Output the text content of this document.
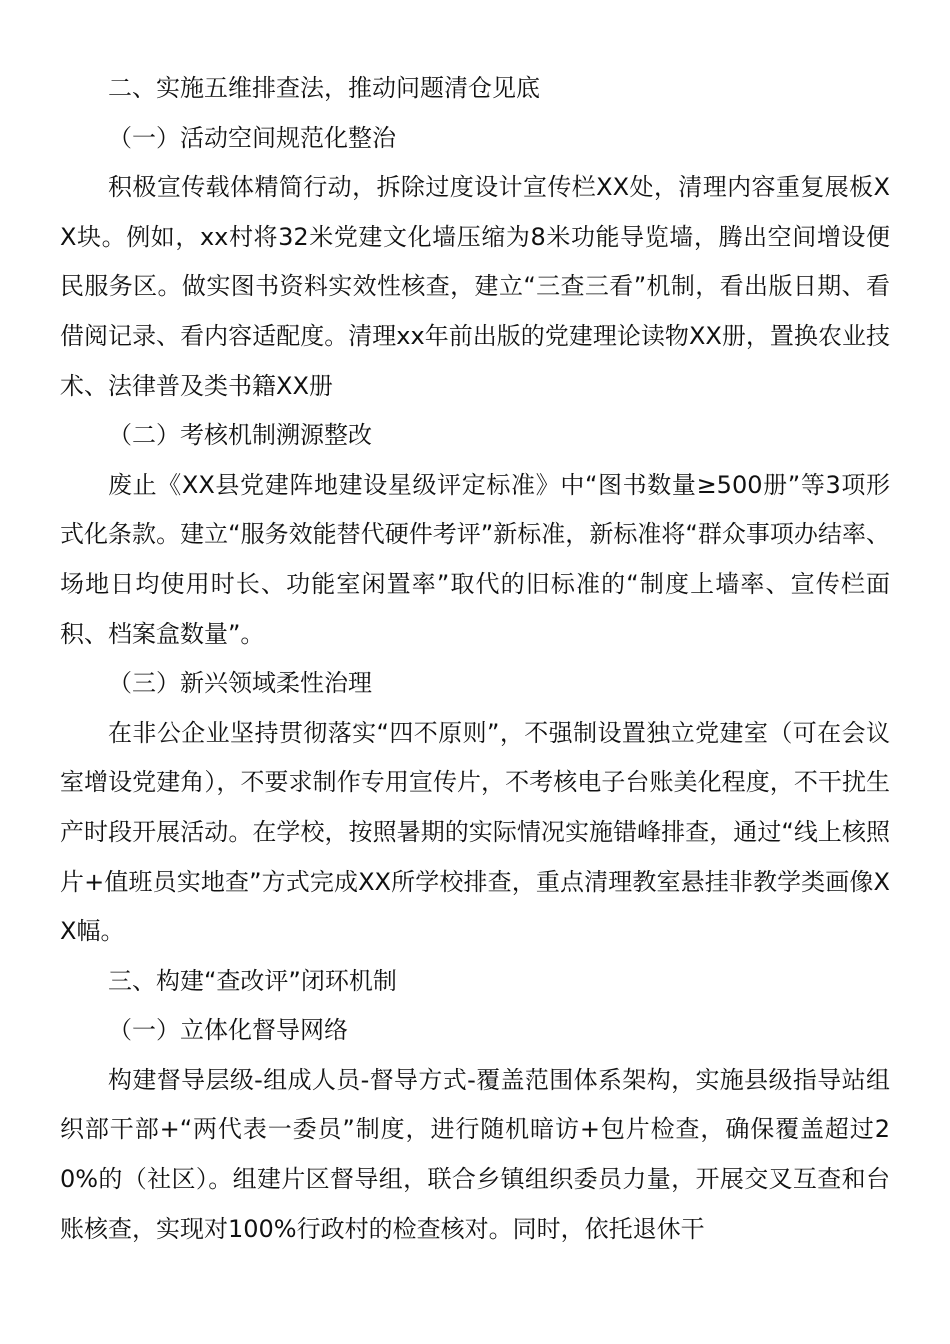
二、实施五维排查法，推动问题清仓见底

（一）活动空间规范化整治

积极宣传载体精简行动，拆除过度设计宣传栏XX处，清理内容重复展板XX块。例如，xx村将32米党建文化墙压缩为8米功能导览墙，腾出空间增设便民服务区。做实图书资料实效性核查，建立“三查三看”机制，看出版日期、看借阅记录、看内容适配度。清理xx年前出版的党建理论读物XX册，置换农业技术、法律普及类书籍XX册

（二）考核机制溯源整改

废止《XX县党建阵地建设星级评定标准》中“图书数量≥500册”等3项形式化条款。建立“服务效能替代硬件考评”新标准，新标准将“群众事项办结率、场地日均使用时长、功能室闲置率”取代的旧标准的“制度上墙率、宣传栏面积、档案盒数量”。

（三）新兴领域柔性治理

在非公企业坚持贯彻落实“四不原则”，不强制设置独立党建室（可在会议室增设党建角），不要求制作专用宣传片，不考核电子台账美化程度，不干扰生产时段开展活动。在学校，按照暑期的实际情况实施错峰排查，通过“线上核照片+值班员实地查”方式完成XX所学校排查，重点清理教室悬挂非教学类画像XX幅。

三、构建“查改评”闭环机制

（一）立体化督导网络

构建督导层级-组成人员-督导方式-覆盖范围体系架构，实施县级指导站组织部干部+“两代表一委员”制度，进行随机暗访+包片检查，确保覆盖超过20%的（社区）。组建片区督导组，联合乡镇组织委员力量，开展交叉互查和台账核查，实现对100%行政村的检查核对。同时，依托退休干
